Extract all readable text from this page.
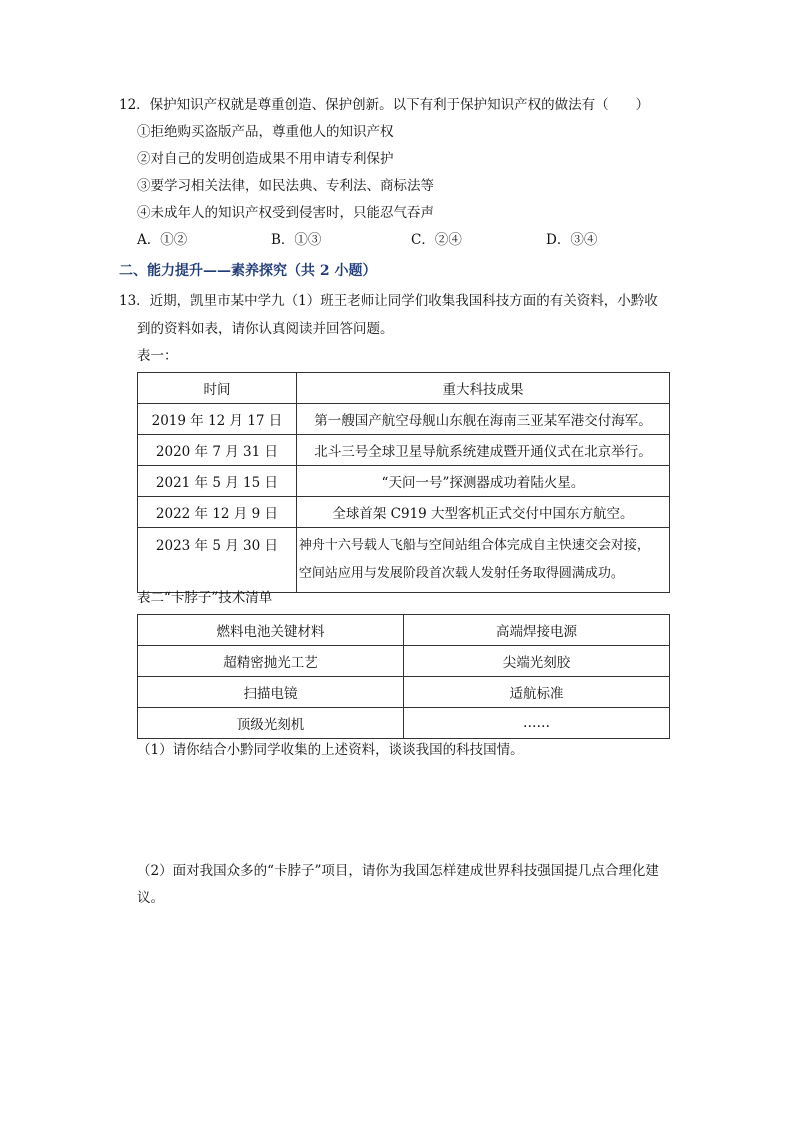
12．保护知识产权就是尊重创造、保护创新。以下有利于保护知识产权的做法有（　　）
①拒绝购买盗版产品，尊重他人的知识产权
②对自己的发明创造成果不用申请专利保护
③要学习相关法律，如民法典、专利法、商标法等
④未成年人的知识产权受到侵害时，只能忍气吞声
A．①②	B．①③	C．②④	D．③④
二、能力提升——素养探究（共 2 小题）
13．近期，凯里市某中学九（1）班王老师让同学们收集我国科技方面的有关资料，小黔收
到的资料如表，请你认真阅读并回答问题。
表一：
时间	重大科技成果
2019 年 12 月 17 日	第一艘国产航空母舰山东舰在海南三亚某军港交付海军。
2020 年 7 月 31 日	北斗三号全球卫星导航系统建成暨开通仪式在北京举行。
2021 年 5 月 15 日	“天问一号”探测器成功着陆火星。
2022 年 12 月 9 日	全球首架 C919 大型客机正式交付中国东方航空。
2023 年 5 月 30 日	神舟十六号载人飞船与空间站组合体完成自主快速交会对接，
空间站应用与发展阶段首次载人发射任务取得圆满成功。
表二“卡脖子”技术清单
燃料电池关键材料	高端焊接电源
超精密抛光工艺	尖端光刻胶
扫描电镜	适航标准
顶级光刻机	……
（1）请你结合小黔同学收集的上述资料，谈谈我国的科技国情。
（2）面对我国众多的“卡脖子”项目，请你为我国怎样建成世界科技强国提几点合理化建
议。
